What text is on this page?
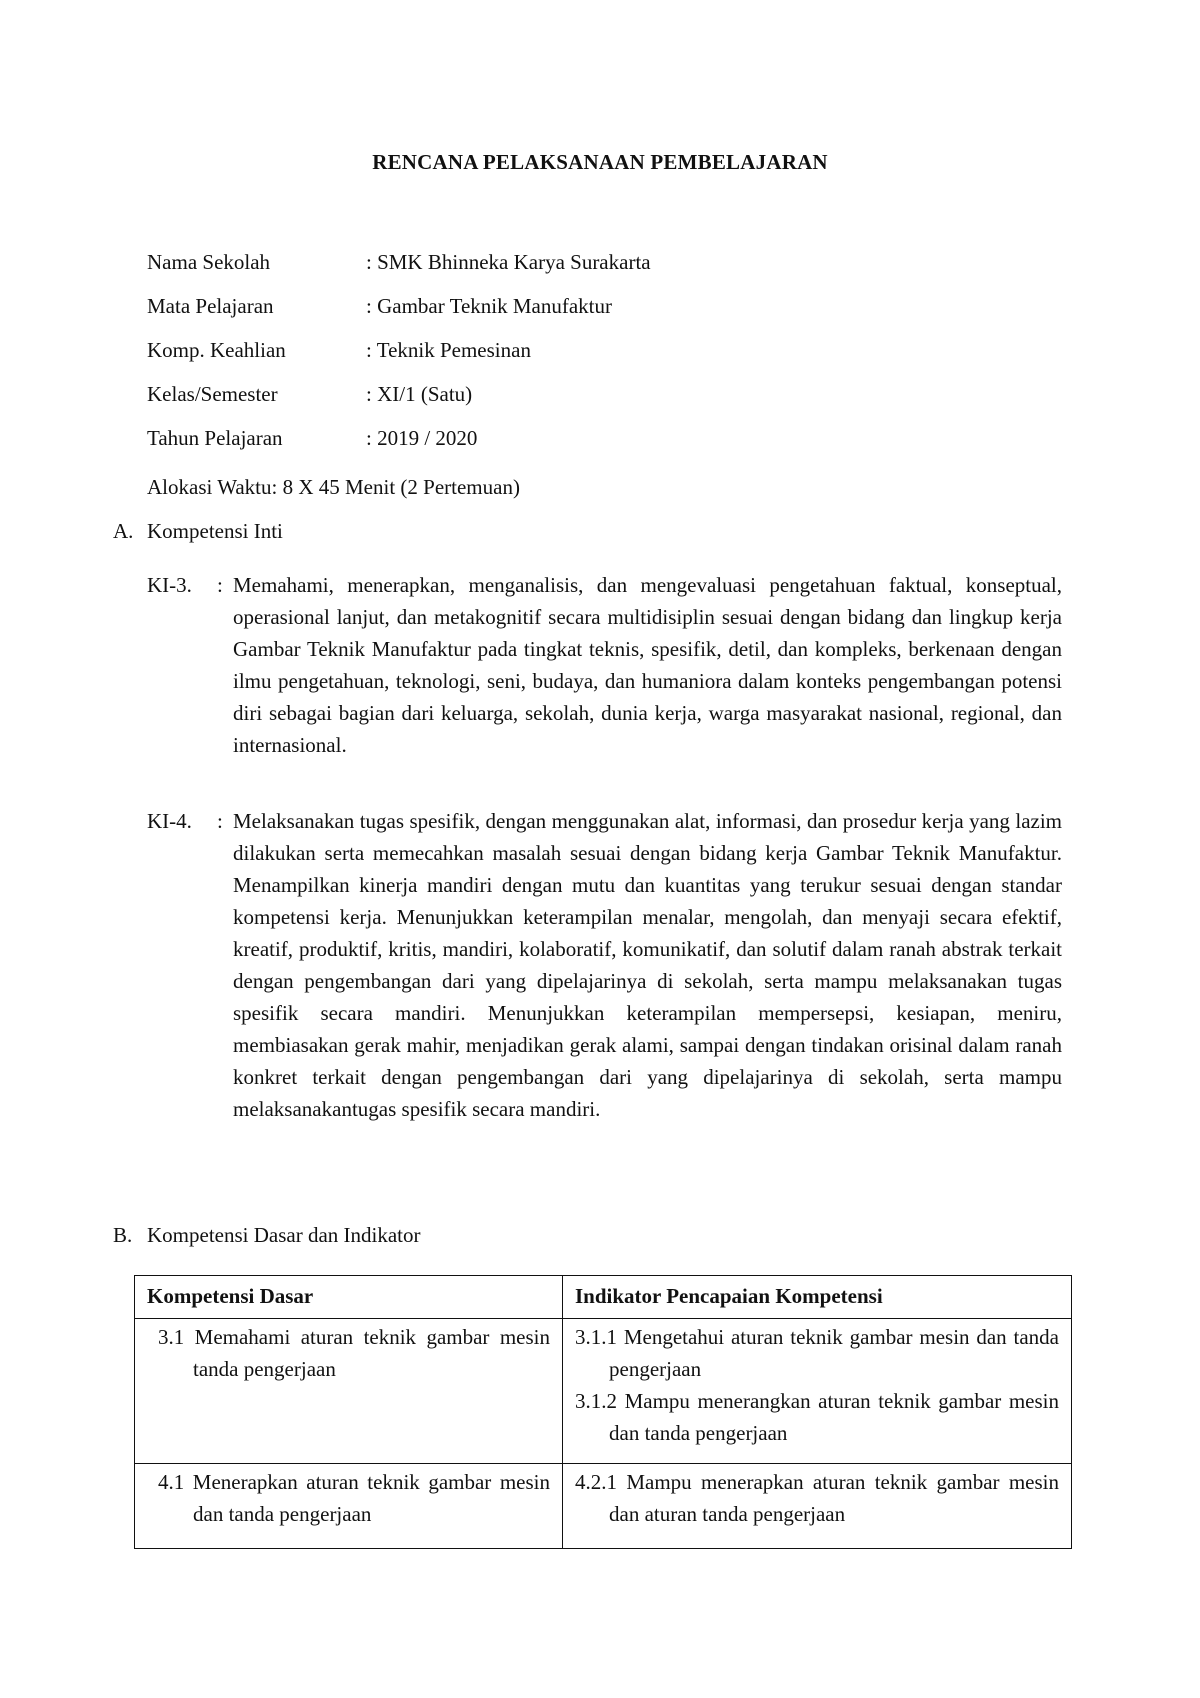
RENCANA PELAKSANAAN PEMBELAJARAN
Nama Sekolah	: SMK Bhinneka Karya Surakarta
Mata Pelajaran	: Gambar Teknik Manufaktur
Komp. Keahlian	: Teknik Pemesinan
Kelas/Semester	: XI/1 (Satu)
Tahun Pelajaran	: 2019 / 2020
Alokasi Waktu: 8 X 45 Menit (2 Pertemuan)
A. Kompetensi Inti
KI-3. : Memahami, menerapkan, menganalisis, dan mengevaluasi pengetahuan faktual, konseptual, operasional lanjut, dan metakognitif secara multidisiplin sesuai dengan bidang dan lingkup kerja Gambar Teknik Manufaktur pada tingkat teknis, spesifik, detil, dan kompleks, berkenaan dengan ilmu pengetahuan, teknologi, seni, budaya, dan humaniora dalam konteks pengembangan potensi diri sebagai bagian dari keluarga, sekolah, dunia kerja, warga masyarakat nasional, regional, dan internasional.
KI-4. : Melaksanakan tugas spesifik, dengan menggunakan alat, informasi, dan prosedur kerja yang lazim dilakukan serta memecahkan masalah sesuai dengan bidang kerja Gambar Teknik Manufaktur. Menampilkan kinerja mandiri dengan mutu dan kuantitas yang terukur sesuai dengan standar kompetensi kerja. Menunjukkan keterampilan menalar, mengolah, dan menyaji secara efektif, kreatif, produktif, kritis, mandiri, kolaboratif, komunikatif, dan solutif dalam ranah abstrak terkait dengan pengembangan dari yang dipelajarinya di sekolah, serta mampu melaksanakan tugas spesifik secara mandiri. Menunjukkan keterampilan mempersepsi, kesiapan, meniru, membiasakan gerak mahir, menjadikan gerak alami, sampai dengan tindakan orisinal dalam ranah konkret terkait dengan pengembangan dari yang dipelajarinya di sekolah, serta mampu melaksanakantugas spesifik secara mandiri.
B. Kompetensi Dasar dan Indikator
Kompetensi Dasar	Indikator Pencapaian Kompetensi

3.1 Memahami aturan teknik gambar mesin tanda pengerjaan	3.1.1 Mengetahui aturan teknik gambar mesin dan tanda pengerjaan
3.1.2 Mampu menerangkan aturan teknik gambar mesin dan tanda pengerjaan

4.1 Menerapkan aturan teknik gambar mesin dan tanda pengerjaan	4.2.1 Mampu menerapkan aturan teknik gambar mesin dan aturan tanda pengerjaan
